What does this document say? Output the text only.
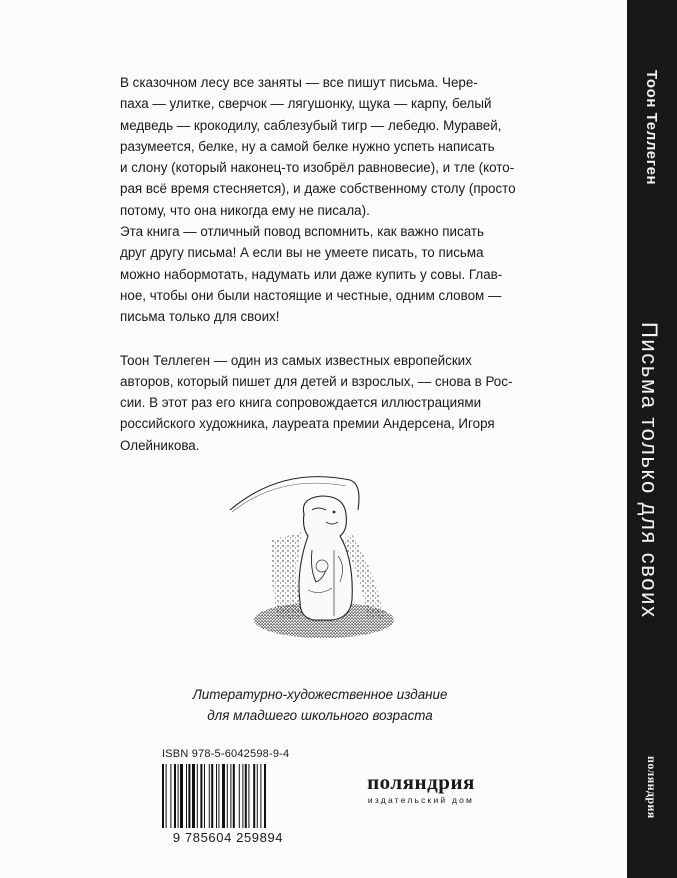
В сказочном лесу все заняты — все пишут письма. Чере-
паха — улитке, сверчок — лягушонку, щука — карпу, белый
медведь — крокодилу, саблезубый тигр — лебедю. Муравей,
разумеется, белке, ну а самой белке нужно успеть написать
и слону (который наконец-то изобрёл равновесие), и тле (кото-
рая всё время стесняется), и даже собственному столу (просто
потому, что она никогда ему не писала).

Эта книга — отличный повод вспомнить, как важно писать
друг другу письма! А если вы не умеете писать, то письма
можно набормотать, надумать или даже купить у совы. Глав-
ное, чтобы они были настоящие и честные, одним словом —
письма только для своих!

Тоон Теллеген — один из самых известных европейских
авторов, который пишет для детей и взрослых, — снова в Рос-
сии. В этот раз его книга сопровождается иллюстрациями
российского художника, лауреата премии Андерсена, Игоря
Олейникова.

Литературно-художественное издание
для младшего школьного возраста
ISBN 978-5-6042598-9-4
9 785604 259894
поляндрия
издательский дом
Тоон Теллеген
Письма только для своих
поляндрия
